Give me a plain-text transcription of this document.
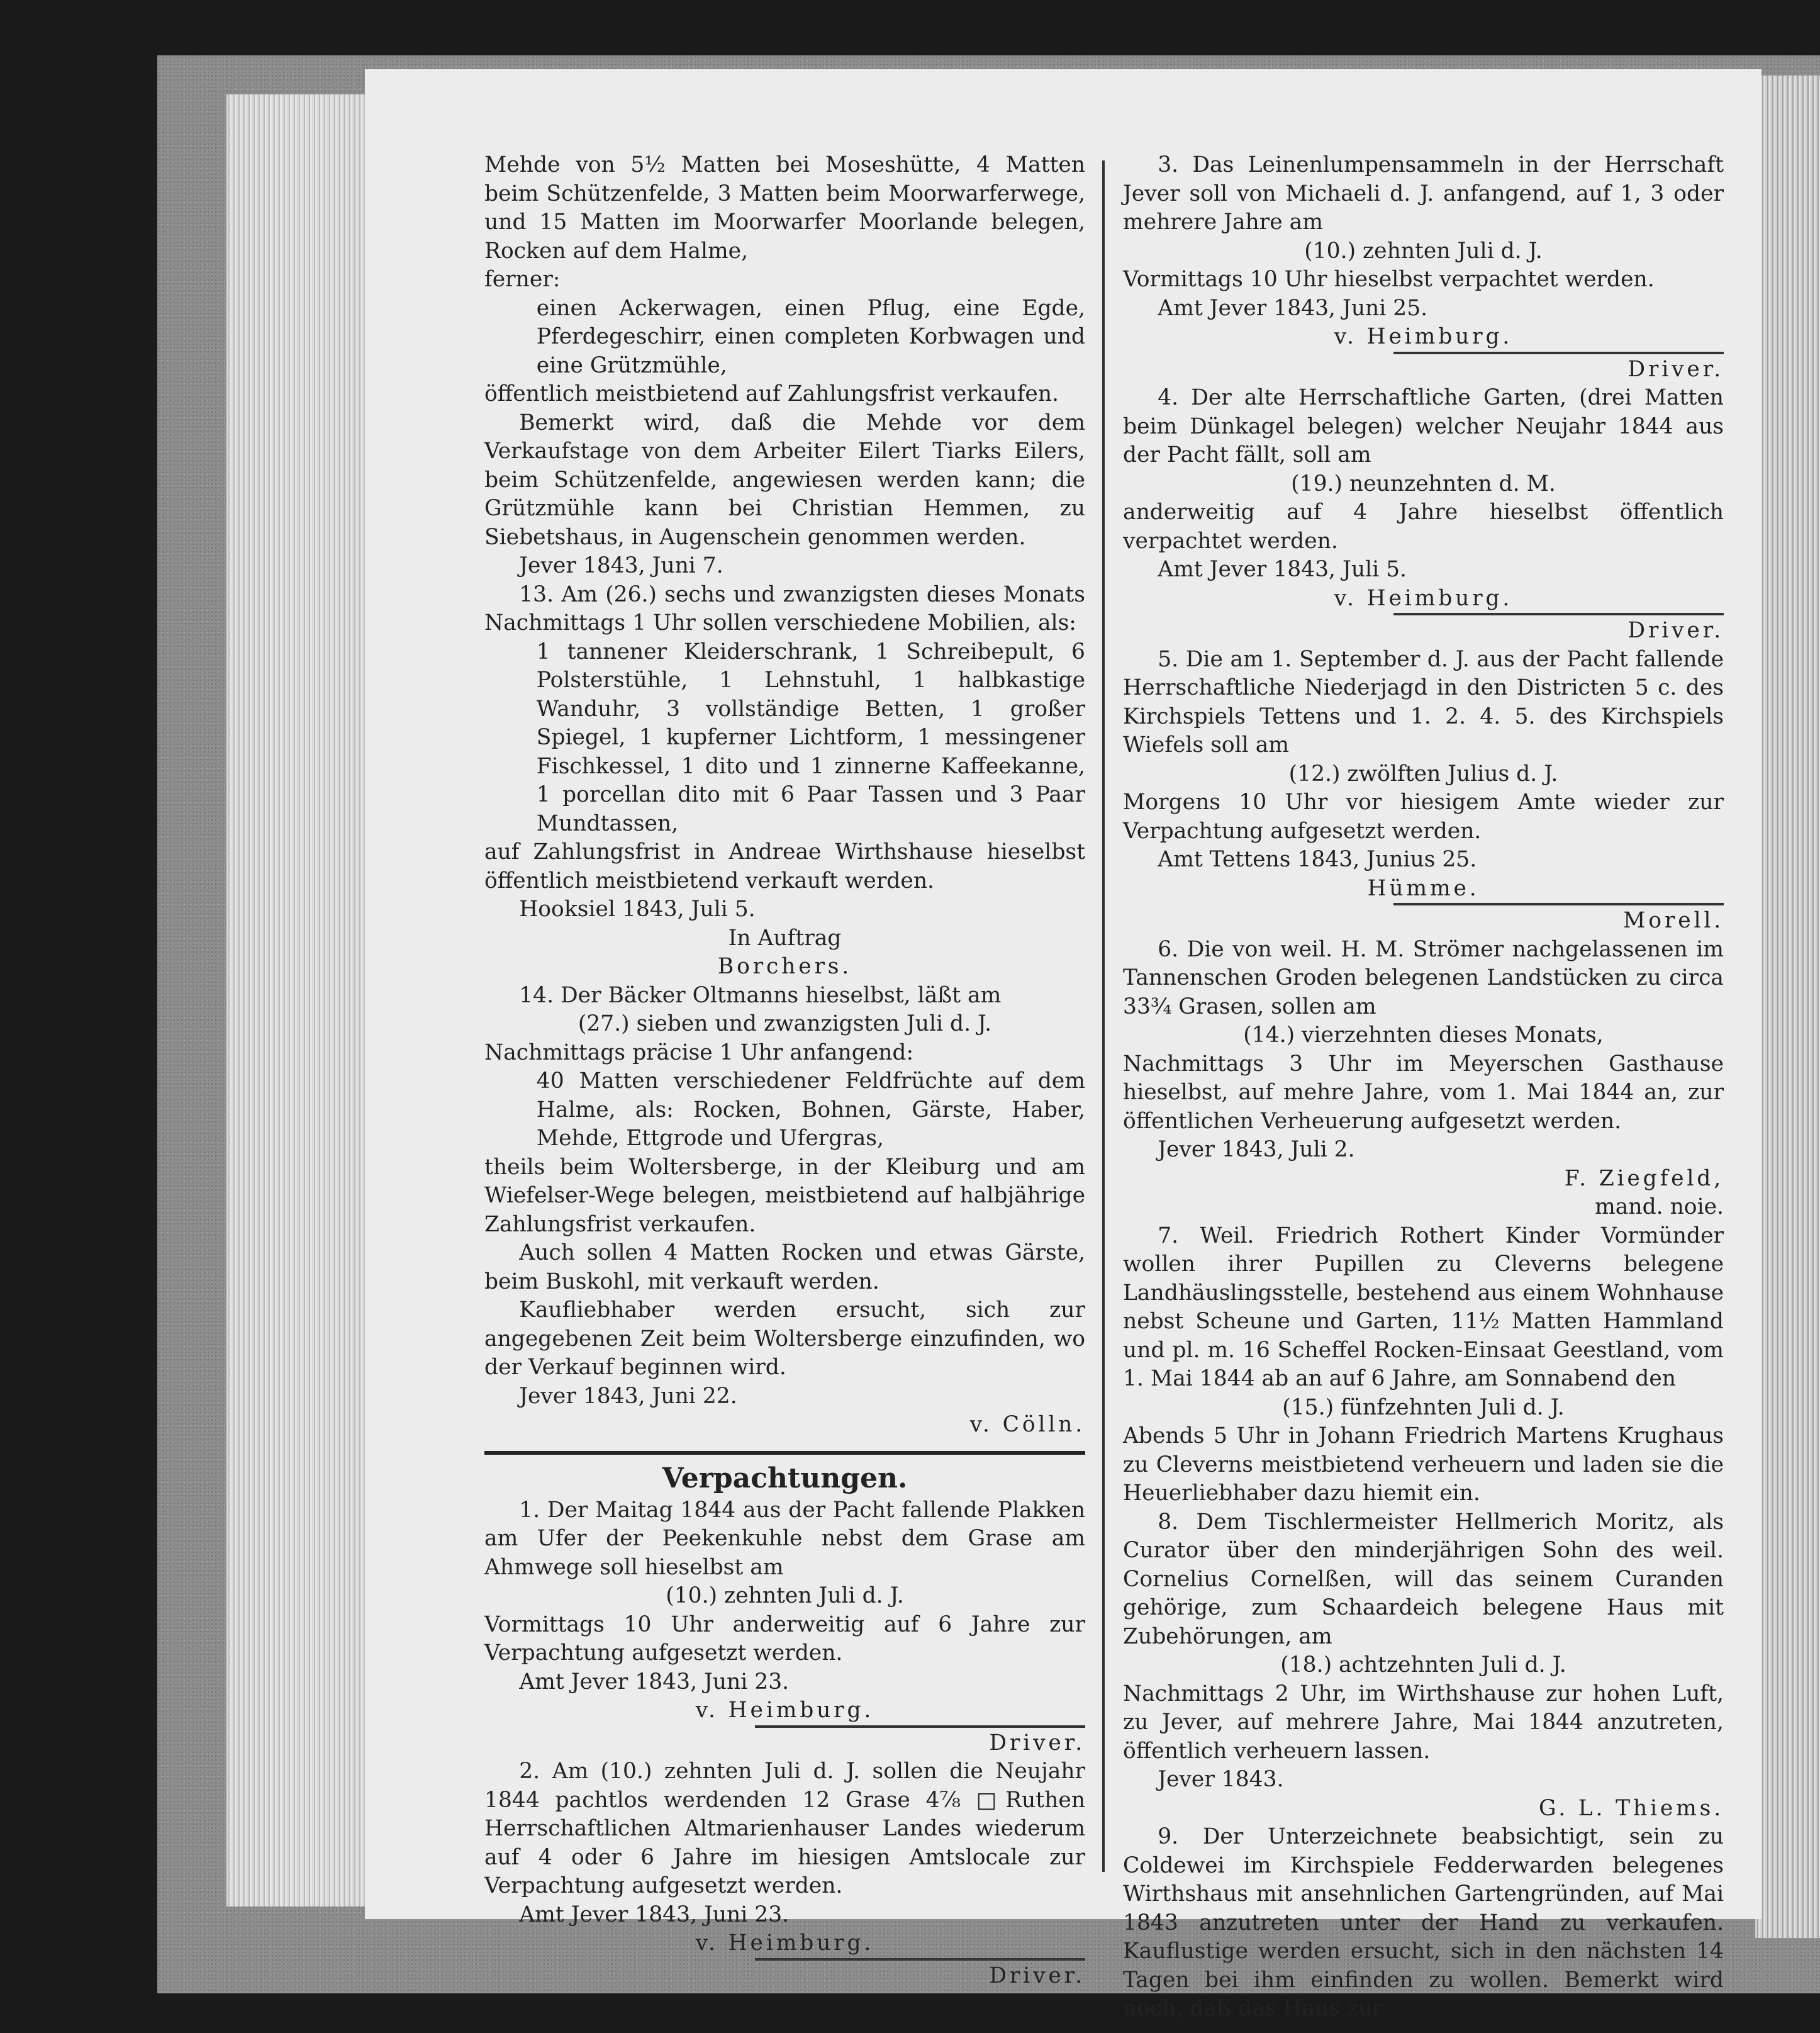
Mehde von 5½ Matten bei Moseshütte, 4 Matten beim Schützenfelde, 3 Matten beim Moorwarferwege, und 15 Matten im Moorwarfer Moorlande belegen, Rocken auf dem Halme,

ferner:

einen Ackerwagen, einen Pflug, eine Egde, Pferdegeschirr, einen completen Korbwagen und eine Grützmühle,

öffentlich meistbietend auf Zahlungsfrist verkaufen.

Bemerkt wird, daß die Mehde vor dem Verkaufstage von dem Arbeiter Eilert Tiarks Eilers, beim Schützenfelde, angewiesen werden kann; die Grützmühle kann bei Christian Hemmen, zu Siebetshaus, in Augenschein genommen werden.

Jever 1843, Juni 7.

13. Am (26.) sechs und zwanzigsten dieses Monats Nachmittags 1 Uhr sollen verschiedene Mobilien, als:

1 tannener Kleiderschrank, 1 Schreibepult, 6 Polsterstühle, 1 Lehnstuhl, 1 halbkastige Wanduhr, 3 vollständige Betten, 1 großer Spiegel, 1 kupferner Lichtform, 1 messingener Fischkessel, 1 dito und 1 zinnerne Kaffeekanne, 1 porcellan dito mit 6 Paar Tassen und 3 Paar Mundtassen,

auf Zahlungsfrist in Andreae Wirthshause hieselbst öffentlich meistbietend verkauft werden.

Hooksiel 1843, Juli 5.

In Auftrag

Borchers.

14. Der Bäcker Oltmanns hieselbst, läßt am

(27.) sieben und zwanzigsten Juli d. J.

Nachmittags präcise 1 Uhr anfangend:

40 Matten verschiedener Feldfrüchte auf dem Halme, als: Rocken, Bohnen, Gärste, Haber, Mehde, Ettgrode und Ufergras,

theils beim Woltersberge, in der Kleiburg und am Wiefelser-Wege belegen, meistbietend auf halbjährige Zahlungsfrist verkaufen.

Auch sollen 4 Matten Rocken und etwas Gärste, beim Buskohl, mit verkauft werden.

Kaufliebhaber werden ersucht, sich zur angegebenen Zeit beim Woltersberge einzufinden, wo der Verkauf beginnen wird.

Jever 1843, Juni 22.

v. Cölln.

Verpachtungen.

1. Der Maitag 1844 aus der Pacht fallende Plakken am Ufer der Peekenkuhle nebst dem Grase am Ahmwege soll hieselbst am

(10.) zehnten Juli d. J.

Vormittags 10 Uhr anderweitig auf 6 Jahre zur Verpachtung aufgesetzt werden.

Amt Jever 1843, Juni 23.

v. Heimburg.

Driver.

2. Am (10.) zehnten Juli d. J. sollen die Neujahr 1844 pachtlos werdenden 12 Grase 4⅞ □Ruthen Herrschaftlichen Altmarienhauser Landes wiederum auf 4 oder 6 Jahre im hiesigen Amtslocale zur Verpachtung aufgesetzt werden.

Amt Jever 1843, Juni 23.

v. Heimburg.

Driver.

3. Das Leinenlumpensammeln in der Herrschaft Jever soll von Michaeli d. J. anfangend, auf 1, 3 oder mehrere Jahre am

(10.) zehnten Juli d. J.

Vormittags 10 Uhr hieselbst verpachtet werden.

Amt Jever 1843, Juni 25.

v. Heimburg.

Driver.

4. Der alte Herrschaftliche Garten, (drei Matten beim Dünkagel belegen) welcher Neujahr 1844 aus der Pacht fällt, soll am

(19.) neunzehnten d. M.

anderweitig auf 4 Jahre hieselbst öffentlich verpachtet werden.

Amt Jever 1843, Juli 5.

v. Heimburg.

Driver.

5. Die am 1. September d. J. aus der Pacht fallende Herrschaftliche Niederjagd in den Districten 5 c. des Kirchspiels Tettens und 1. 2. 4. 5. des Kirchspiels Wiefels soll am

(12.) zwölften Julius d. J.

Morgens 10 Uhr vor hiesigem Amte wieder zur Verpachtung aufgesetzt werden.

Amt Tettens 1843, Junius 25.

Hümme.

Morell.

6. Die von weil. H. M. Strömer nachgelassenen im Tannenschen Groden belegenen Landstücken zu circa 33¾ Grasen, sollen am

(14.) vierzehnten dieses Monats,

Nachmittags 3 Uhr im Meyerschen Gasthause hieselbst, auf mehre Jahre, vom 1. Mai 1844 an, zur öffentlichen Verheuerung aufgesetzt werden.

Jever 1843, Juli 2.

F. Ziegfeld,

mand. noie.

7. Weil. Friedrich Rothert Kinder Vormünder wollen ihrer Pupillen zu Cleverns belegene Landhäuslingsstelle, bestehend aus einem Wohnhause nebst Scheune und Garten, 11½ Matten Hammland und pl. m. 16 Scheffel Rocken-Einsaat Geestland, vom 1. Mai 1844 ab an auf 6 Jahre, am Sonnabend den

(15.) fünfzehnten Juli d. J.

Abends 5 Uhr in Johann Friedrich Martens Krughaus zu Cleverns meistbietend verheuern und laden sie die Heuerliebhaber dazu hiemit ein.

8. Dem Tischlermeister Hellmerich Moritz, als Curator über den minderjährigen Sohn des weil. Cornelius Cornelßen, will das seinem Curanden gehörige, zum Schaardeich belegene Haus mit Zubehörungen, am

(18.) achtzehnten Juli d. J.

Nachmittags 2 Uhr, im Wirthshause zur hohen Luft, zu Jever, auf mehrere Jahre, Mai 1844 anzutreten, öffentlich verheuern lassen.

Jever 1843.

G. L. Thiems.

9. Der Unterzeichnete beabsichtigt, sein zu Coldewei im Kirchspiele Fedderwarden belegenes Wirthshaus mit ansehnlichen Gartengründen, auf Mai 1843 anzutreten unter der Hand zu verkaufen. Kauflustige werden ersucht, sich in den nächsten 14 Tagen bei ihm einfinden zu wollen. Bemerkt wird noch, daß das Haus zur
